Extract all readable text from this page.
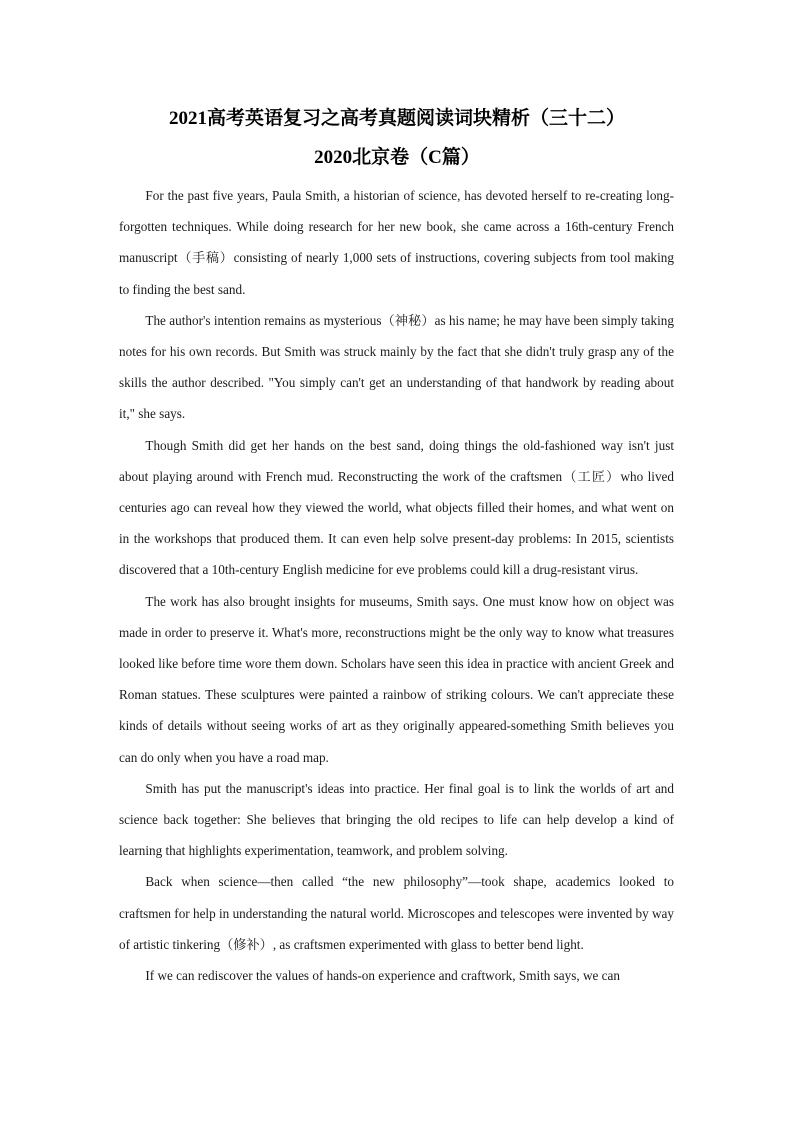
2021高考英语复习之高考真题阅读词块精析（三十二）
2020北京卷（C篇）

For the past five years, Paula Smith, a historian of science, has devoted herself to re-creating long-forgotten techniques. While doing research for her new book, she came across a 16th-century French manuscript（手稿）consisting of nearly 1,000 sets of instructions, covering subjects from tool making to finding the best sand.

The author's intention remains as mysterious（神秘）as his name; he may have been simply taking notes for his own records. But Smith was struck mainly by the fact that she didn't truly grasp any of the skills the author described. "You simply can't get an understanding of that handwork by reading about it," she says.

Though Smith did get her hands on the best sand, doing things the old-fashioned way isn't just about playing around with French mud. Reconstructing the work of the craftsmen（工匠）who lived centuries ago can reveal how they viewed the world, what objects filled their homes, and what went on in the workshops that produced them. It can even help solve present-day problems: In 2015, scientists discovered that a 10th-century English medicine for eve problems could kill a drug-resistant virus.

The work has also brought insights for museums, Smith says. One must know how on object was made in order to preserve it. What's more, reconstructions might be the only way to know what treasures looked like before time wore them down. Scholars have seen this idea in practice with ancient Greek and Roman statues. These sculptures were painted a rainbow of striking colours. We can't appreciate these kinds of details without seeing works of art as they originally appeared-something Smith believes you can do only when you have a road map.

Smith has put the manuscript's ideas into practice. Her final goal is to link the worlds of art and science back together: She believes that bringing the old recipes to life can help develop a kind of learning that highlights experimentation, teamwork, and problem solving.

Back when science—then called “the new philosophy”—took shape, academics looked to craftsmen for help in understanding the natural world. Microscopes and telescopes were invented by way of artistic tinkering（修补）, as craftsmen experimented with glass to better bend light.

If we can rediscover the values of hands-on experience and craftwork, Smith says, we can
